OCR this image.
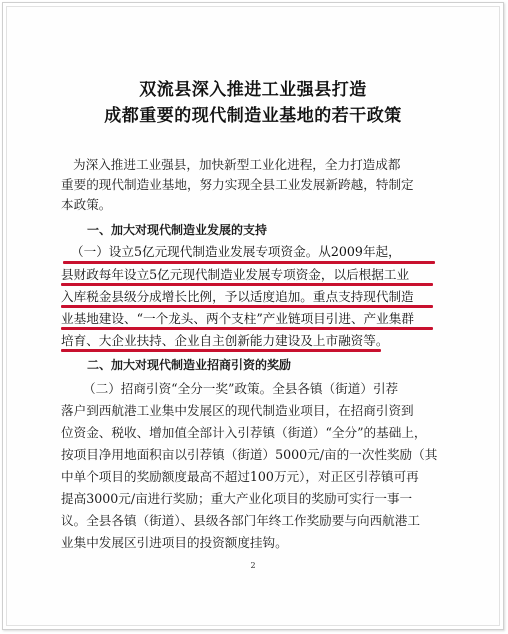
双流县深入推进工业强县打造
成都重要的现代制造业基地的若干政策
为深入推进工业强县，加快新型工业化进程，全力打造成都
重要的现代制造业基地，努力实现全县工业发展新跨越，特制定
本政策。
一、加大对现代制造业发展的支持
（一）设立5亿元现代制造业发展专项资金。从2009年起，
县财政每年设立5亿元现代制造业发展专项资金，以后根据工业
入库税金县级分成增长比例，予以适度追加。重点支持现代制造
业基地建设、“一个龙头、两个支柱”产业链项目引进、产业集群
培育、大企业扶持、企业自主创新能力建设及上市融资等。
二、加大对现代制造业招商引资的奖励
（二）招商引资“全分一奖”政策。全县各镇（街道）引荐
落户到西航港工业集中发展区的现代制造业项目，在招商引资到
位资金、税收、增加值全部计入引荐镇（街道）“全分”的基础上，
按项目净用地面积亩以引荐镇（街道）5000元/亩的一次性奖励（其
中单个项目的奖励额度最高不超过100万元），对正区引荐镇可再
提高3000元/亩进行奖励；重大产业化项目的奖励可实行一事一
议。全县各镇（街道）、县级各部门年终工作奖励要与向西航港工
业集中发展区引进项目的投资额度挂钩。
2
